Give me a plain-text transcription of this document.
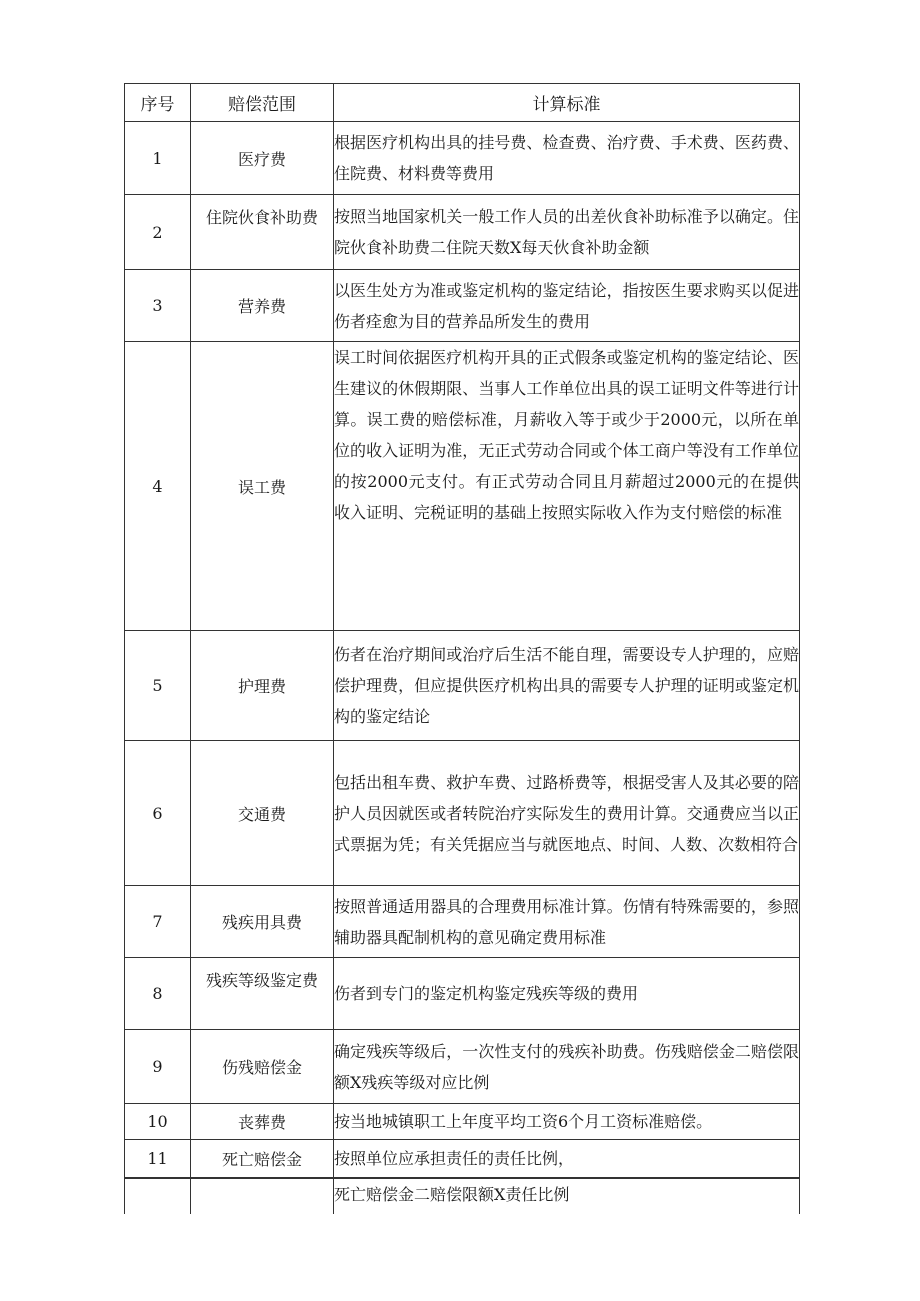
序号	赔偿范围	计算标准
1	医疗费	根据医疗机构出具的挂号费、检查费、治疗费、手术费、医药费、住院费、材料费等费用
2	住院伙食补助费	按照当地国家机关一般工作人员的出差伙食补助标准予以确定。住院伙食补助费二住院天数X每天伙食补助金额
3	营养费	以医生处方为准或鉴定机构的鉴定结论，指按医生要求购买以促进伤者痊愈为目的营养品所发生的费用
4	误工费	误工时间依据医疗机构开具的正式假条或鉴定机构的鉴定结论、医生建议的休假期限、当事人工作单位出具的误工证明文件等进行计算。误工费的赔偿标准，月薪收入等于或少于2000元，以所在单位的收入证明为准，无正式劳动合同或个体工商户等没有工作单位的按2000元支付。有正式劳动合同且月薪超过2000元的在提供收入证明、完税证明的基础上按照实际收入作为支付赔偿的标准
5	护理费	伤者在治疗期间或治疗后生活不能自理，需要设专人护理的，应赔偿护理费，但应提供医疗机构出具的需要专人护理的证明或鉴定机构的鉴定结论
6	交通费	包括出租车费、救护车费、过路桥费等，根据受害人及其必要的陪护人员因就医或者转院治疗实际发生的费用计算。交通费应当以正式票据为凭；有关凭据应当与就医地点、时间、人数、次数相符合
7	残疾用具费	按照普通适用器具的合理费用标准计算。伤情有特殊需要的，参照辅助器具配制机构的意见确定费用标准
8	残疾等级鉴定费	伤者到专门的鉴定机构鉴定残疾等级的费用
9	伤残赔偿金	确定残疾等级后，一次性支付的残疾补助费。伤残赔偿金二赔偿限额X残疾等级对应比例
10	丧葬费	按当地城镇职工上年度平均工资6个月工资标准赔偿。
11	死亡赔偿金	按照单位应承担责任的责任比例，
		死亡赔偿金二赔偿限额X责任比例
